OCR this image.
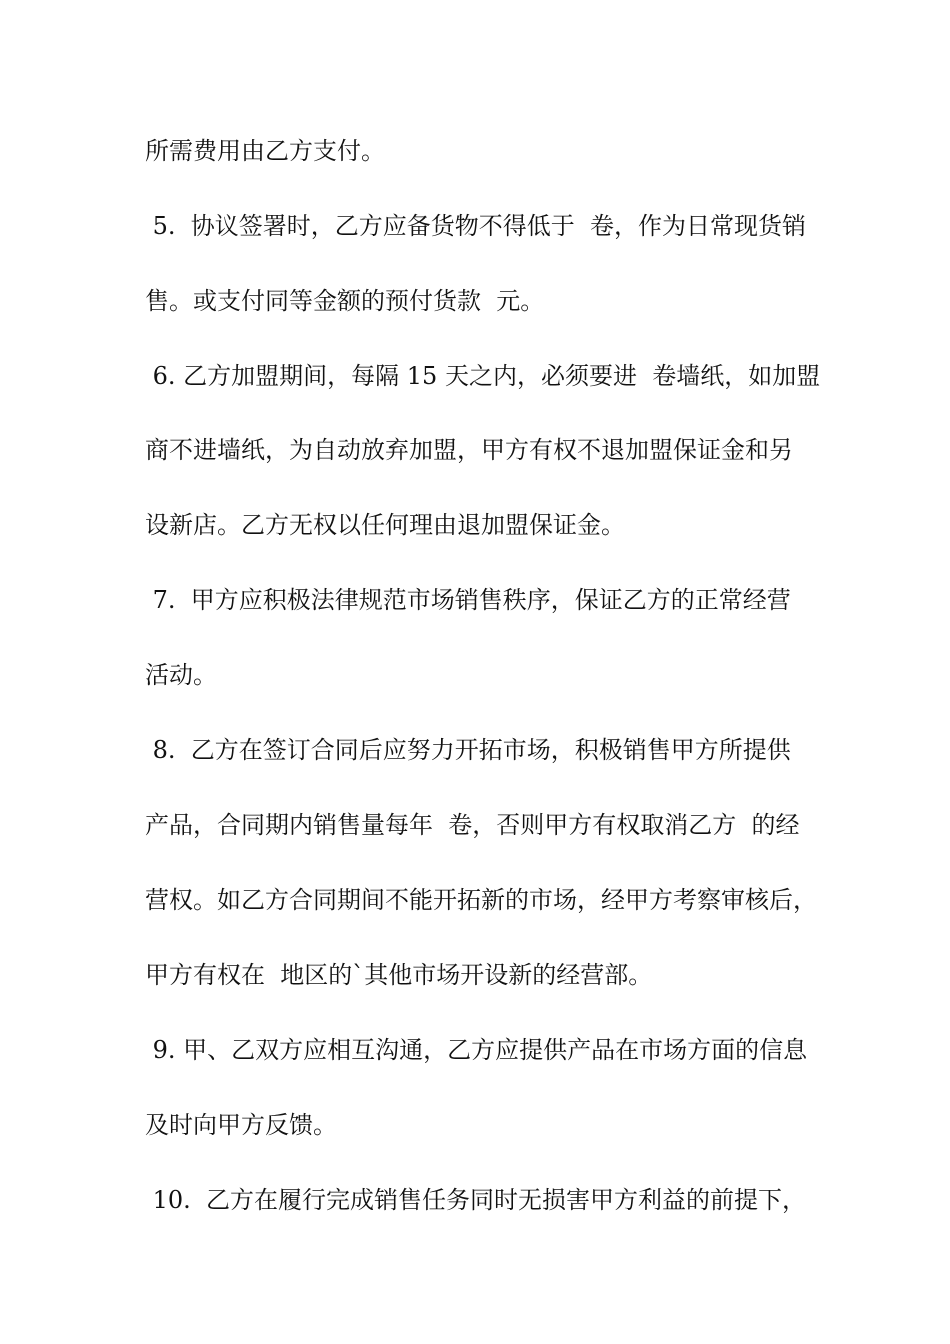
所需费用由乙方支付。
5.  协议签署时，乙方应备货物不得低于  卷，作为日常现货销
售。或支付同等金额的预付货款  元。
6. 乙方加盟期间，每隔 15 天之内，必须要进  卷墙纸，如加盟
商不进墙纸，为自动放弃加盟，甲方有权不退加盟保证金和另
设新店。乙方无权以任何理由退加盟保证金。
7.  甲方应积极法律规范市场销售秩序，保证乙方的正常经营
活动。
8.  乙方在签订合同后应努力开拓市场，积极销售甲方所提供
产品，合同期内销售量每年  卷，否则甲方有权取消乙方  的经
营权。如乙方合同期间不能开拓新的市场，经甲方考察审核后，
甲方有权在  地区的`其他市场开设新的经营部。
9. 甲、乙双方应相互沟通，乙方应提供产品在市场方面的信息
及时向甲方反馈。
10.  乙方在履行完成销售任务同时无损害甲方利益的前提下，
